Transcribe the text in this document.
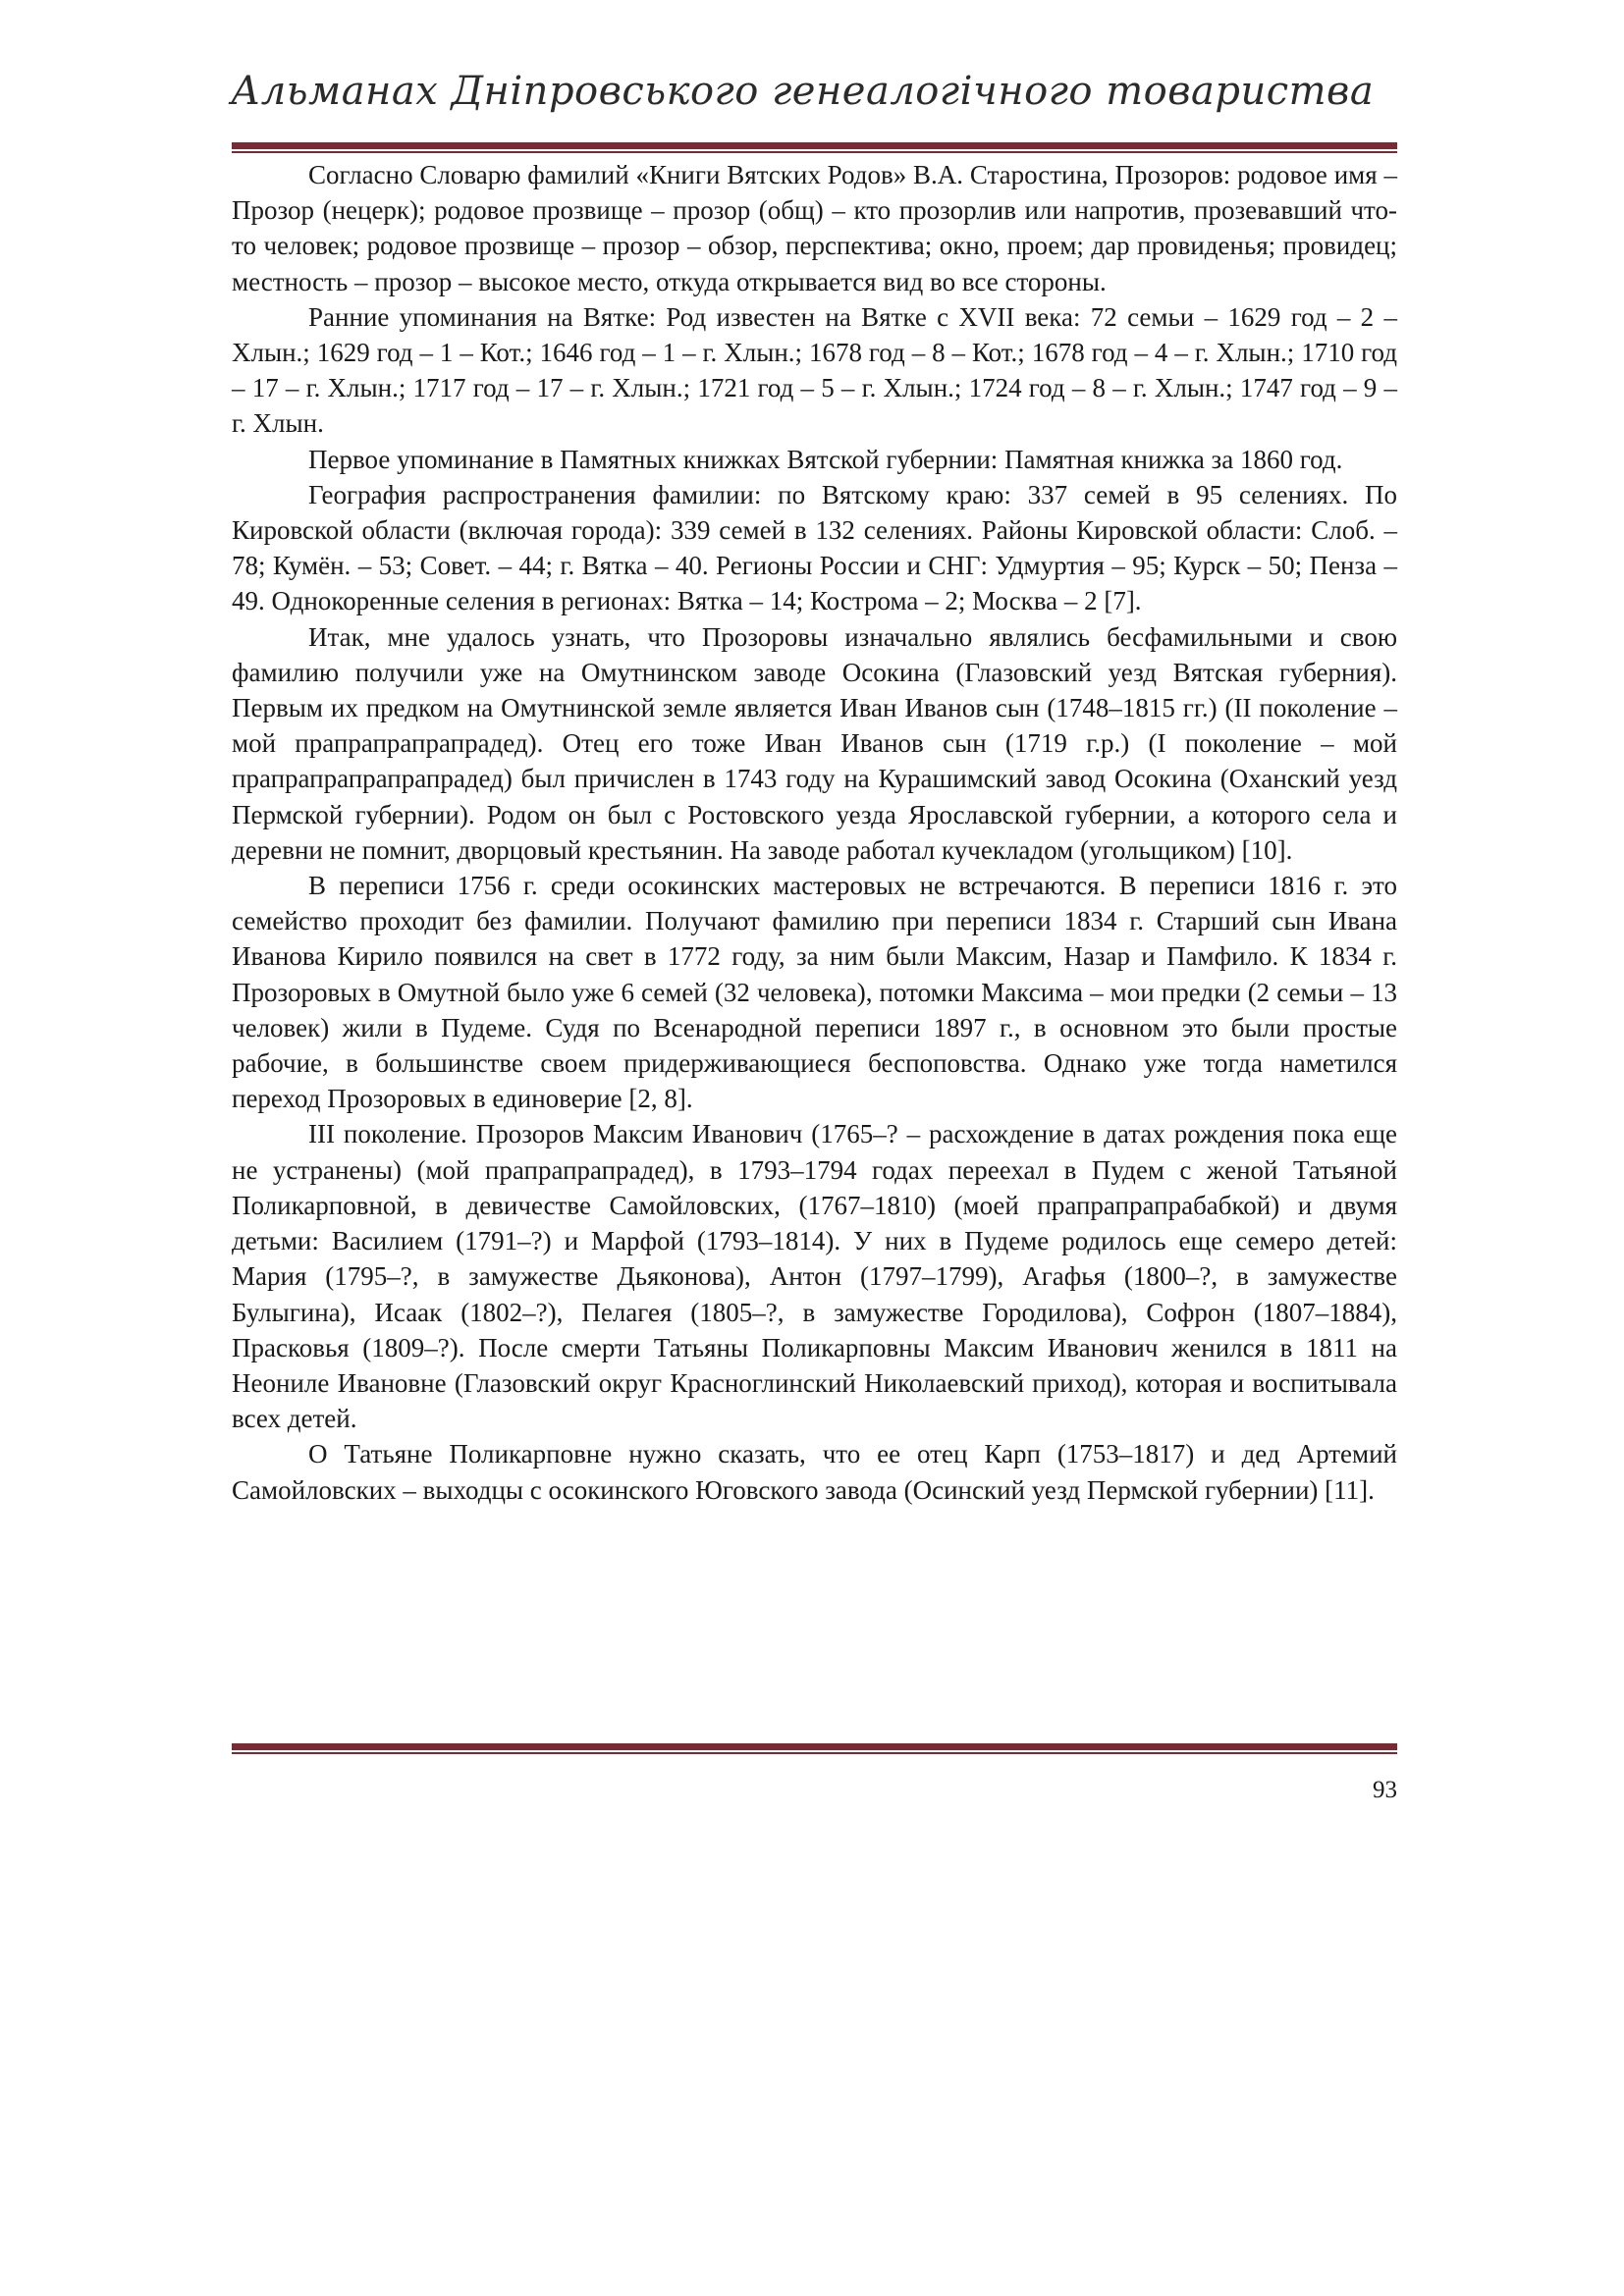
Альманах Дніпровського генеалогічного товариства

Согласно Словарю фамилий «Книги Вятских Родов» В.А. Старостина, Прозоров: родовое имя – Прозор (нецерк); родовое прозвище – прозор (общ) – кто прозорлив или напротив, прозевавший что-то человек; родовое прозвище – прозор – обзор, перспектива; окно, проем; дар провиденья; провидец; местность – прозор – высокое место, откуда открывается вид во все стороны.

Ранние упоминания на Вятке: Род известен на Вятке с XVII века: 72 семьи – 1629 год – 2 – Хлын.; 1629 год – 1 – Кот.; 1646 год – 1 – г. Хлын.; 1678 год – 8 – Кот.; 1678 год – 4 – г. Хлын.; 1710 год – 17 – г. Хлын.; 1717 год – 17 – г. Хлын.; 1721 год – 5 – г. Хлын.; 1724 год – 8 – г. Хлын.; 1747 год – 9 – г. Хлын.

Первое упоминание в Памятных книжках Вятской губернии: Памятная книжка за 1860 год.

География распространения фамилии: по Вятскому краю: 337 семей в 95 селениях. По Кировской области (включая города): 339 семей в 132 селениях. Районы Кировской области: Слоб. – 78; Кумён. – 53; Совет. – 44; г. Вятка – 40. Регионы России и СНГ: Удмуртия – 95; Курск – 50; Пенза – 49. Однокоренные селения в регионах: Вятка – 14; Кострома – 2; Москва – 2 [7].

Итак, мне удалось узнать, что Прозоровы изначально являлись бесфамильными и свою фамилию получили уже на Омутнинском заводе Осокина (Глазовский уезд Вятская губерния). Первым их предком на Омутнинской земле является Иван Иванов сын (1748–1815 гг.) (II поколение – мой прапрапрапрапрадед). Отец его тоже Иван Иванов сын (1719 г.р.) (I поколение – мой прапрапрапрапрапрадед) был причислен в 1743 году на Курашимский завод Осокина (Оханский уезд Пермской губернии). Родом он был с Ростовского уезда Ярославской губернии, а которого села и деревни не помнит, дворцовый крестьянин. На заводе работал кучекладом (угольщиком) [10].

В переписи 1756 г. среди осокинских мастеровых не встречаются. В переписи 1816 г. это семейство проходит без фамилии. Получают фамилию при переписи 1834 г. Старший сын Ивана Иванова Кирило появился на свет в 1772 году, за ним были Максим, Назар и Памфило. К 1834 г. Прозоровых в Омутной было уже 6 семей (32 человека), потомки Максима – мои предки (2 семьи – 13 человек) жили в Пудеме. Судя по Всенародной переписи 1897 г., в основном это были простые рабочие, в большинстве своем придерживающиеся беспоповства. Однако уже тогда наметился переход Прозоровых в единоверие [2, 8].

III поколение. Прозоров Максим Иванович (1765–? – расхождение в датах рождения пока еще не устранены) (мой прапрапрапрадед), в 1793–1794 годах переехал в Пудем с женой Татьяной Поликарповной, в девичестве Самойловских, (1767–1810) (моей прапрапрапрабабкой) и двумя детьми: Василием (1791–?) и Марфой (1793–1814). У них в Пудеме родилось еще семеро детей: Мария (1795–?, в замужестве Дьяконова), Антон (1797–1799), Агафья (1800–?, в замужестве Булыгина), Исаак (1802–?), Пелагея (1805–?, в замужестве Городилова), Софрон (1807–1884), Прасковья (1809–?). После смерти Татьяны Поликарповны Максим Иванович женился в 1811 на Неониле Ивановне (Глазовский округ Красноглинский Николаевский приход), которая и воспитывала всех детей.

О Татьяне Поликарповне нужно сказать, что ее отец Карп (1753–1817) и дед Артемий Самойловских – выходцы с осокинского Юговского завода (Осинский уезд Пермской губернии) [11].

93
